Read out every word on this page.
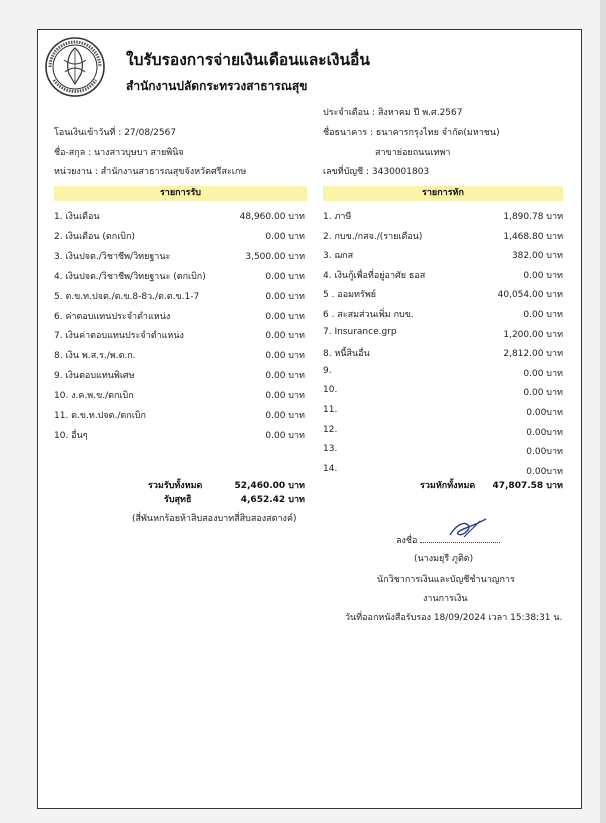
ใบรับรองการจ่ายเงินเดือนและเงินอื่น
สำนักงานปลัดกระทรวงสาธารณสุข
ประจำเดือน : สิงหาคม ปี พ.ศ.2567
โอนเงินเข้าวันที่ : 27/08/2567	ชื่อธนาคาร : ธนาคารกรุงไทย จำกัด(มหาชน)
ชื่อ-สกุล : นางสาวบุษบา สายพินิจ	สาขาย่อยถนนเทพา
หน่วยงาน : สำนักงานสาธารณสุขจังหวัดศรีสะเกษ	เลขที่บัญชี : 3430001803
รายการรับ	รายการหัก
รวมรับทั้งหมด	52,460.00 บาท
รับสุทธิ	4,652.42 บาท
(สี่พันหกร้อยห้าสิบสองบาทสี่สิบสองสตางค์)
รวมหักทั้งหมด	47,807.58 บาท
ลงชื่อ
(นางมยุรี ภูติด)
นักวิชาการเงินและบัญชีชำนาญการ
งานการเงิน
วันที่ออกหนังสือรับรอง 18/09/2024 เวลา 15:38:31 น.
1. เงินเดือน	48,960.00 บาท
2. เงินเดือน (ตกเบิก)	0.00 บาท
3. เงินปจต./วิชาชีพ/วิทยฐานะ	3,500.00 บาท
4. เงินปจต./วิชาชีพ/วิทยฐานะ (ตกเบิก)	0.00 บาท
5. ต.ข.ท.ปจต./ต.ข.8-8ว./ต.ต.ข.1-7	0.00 บาท
6. ค่าตอบแทนประจำตำแหน่ง	0.00 บาท
7. เงินค่าตอบแทนประจำตำแหน่ง	0.00 บาท
8. เงิน พ.ส.ร./พ.ต.ก.	0.00 บาท
9. เงินตอบแทนพิเศษ	0.00 บาท
10. ง.ค.พ.ข./ตกเบิก	0.00 บาท
11. ต.ข.ท.ปจต./ตกเบิก	0.00 บาท
10. อื่นๆ	0.00 บาท
1. ภาษี	1,890.78 บาท
2. กบข./กสจ./(รายเดือน)	1,468.80 บาท
3. ฌกส	382.00 บาท
4. เงินกู้เพื่อที่อยู่อาศัย ธอส	0.00 บาท
5 . ออมทรัพย์	40,054.00 บาท
6 . สะสมส่วนเพิ่ม กบข.	0.00 บาท
7. Insurance.grp	1,200.00 บาท
8. หนี้สินอื่น	2,812.00 บาท
9.	0.00 บาท
10.	0.00 บาท
11.	0.00บาท
12.	0.00บาท
13.	0.00บาท
14.	0.00บาท
